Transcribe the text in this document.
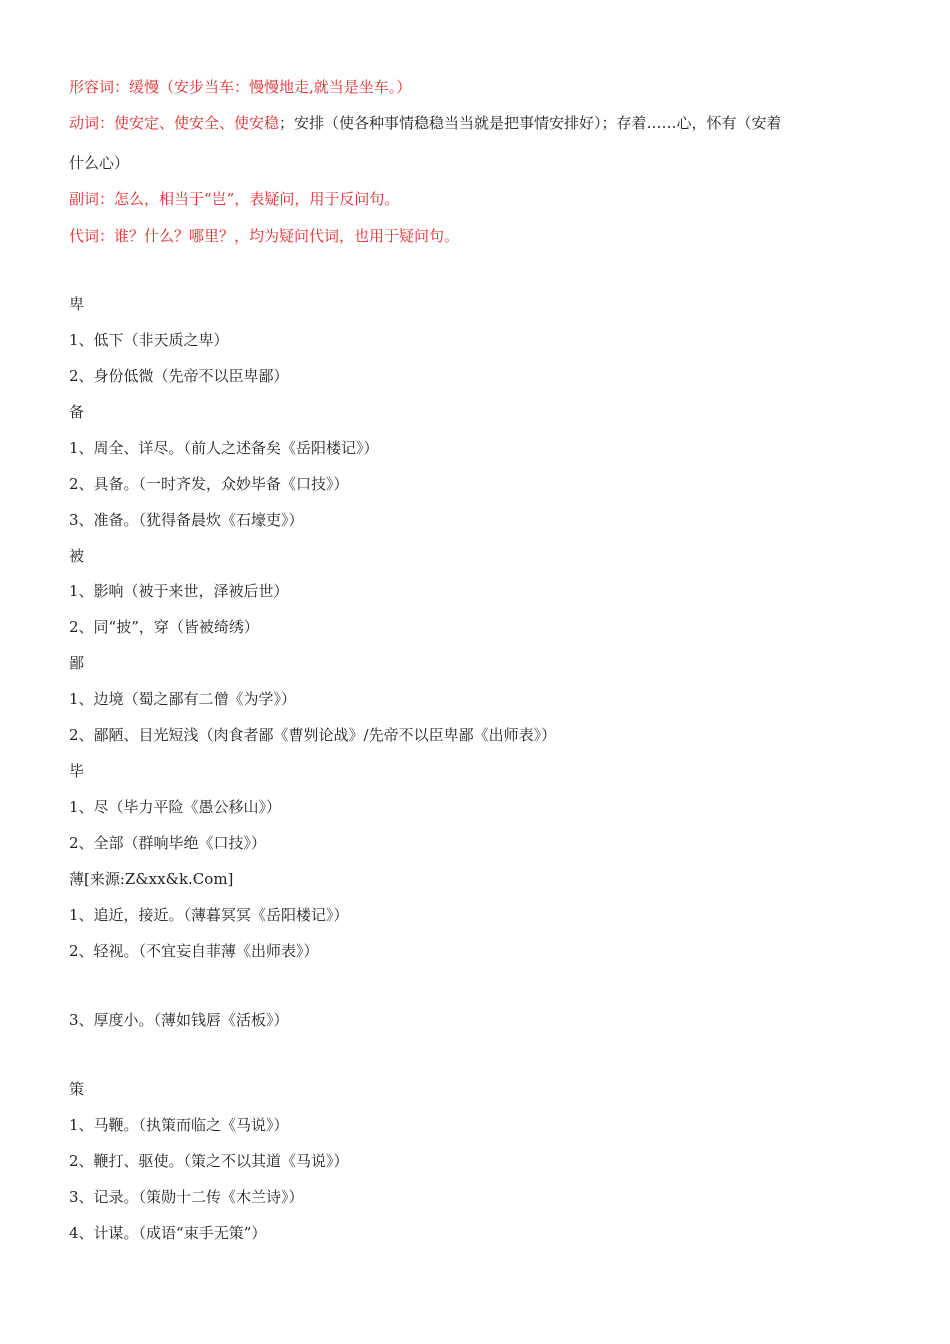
形容词：缓慢（安步当车：慢慢地走,就当是坐车。）
动词：使安定、使安全、使安稳；安排（使各种事情稳稳当当就是把事情安排好）；存着……心，怀有（安着
什么心）
副词：怎么，相当于“岂”，表疑问，用于反问句。
代词：谁？什么？哪里？，均为疑问代词，也用于疑问句。
卑
1、低下（非天质之卑）
2、身份低微（先帝不以臣卑鄙）
备
1、周全、详尽。（前人之述备矣《岳阳楼记》）
2、具备。（一时齐发，众妙毕备《口技》）
3、准备。（犹得备晨炊《石壕吏》）
被
1、影响（被于来世，泽被后世）
2、同“披”，穿（皆被绮绣）
鄙
1、边境（蜀之鄙有二僧《为学》）
2、鄙陋、目光短浅（肉食者鄙《曹刿论战》/先帝不以臣卑鄙《出师表》）
毕
1、尽（毕力平险《愚公移山》）
2、全部（群响毕绝《口技》）
薄[来源:Z&xx&k.Com]
1、追近，接近。（薄暮冥冥《岳阳楼记》）
2、轻视。（不宜妄自菲薄《出师表》）
3、厚度小。（薄如钱唇《活板》）
策
1、马鞭。（执策而临之《马说》）
2、鞭打、驱使。（策之不以其道《马说》）
3、记录。（策勋十二传《木兰诗》）
4、计谋。（成语“束手无策”）
